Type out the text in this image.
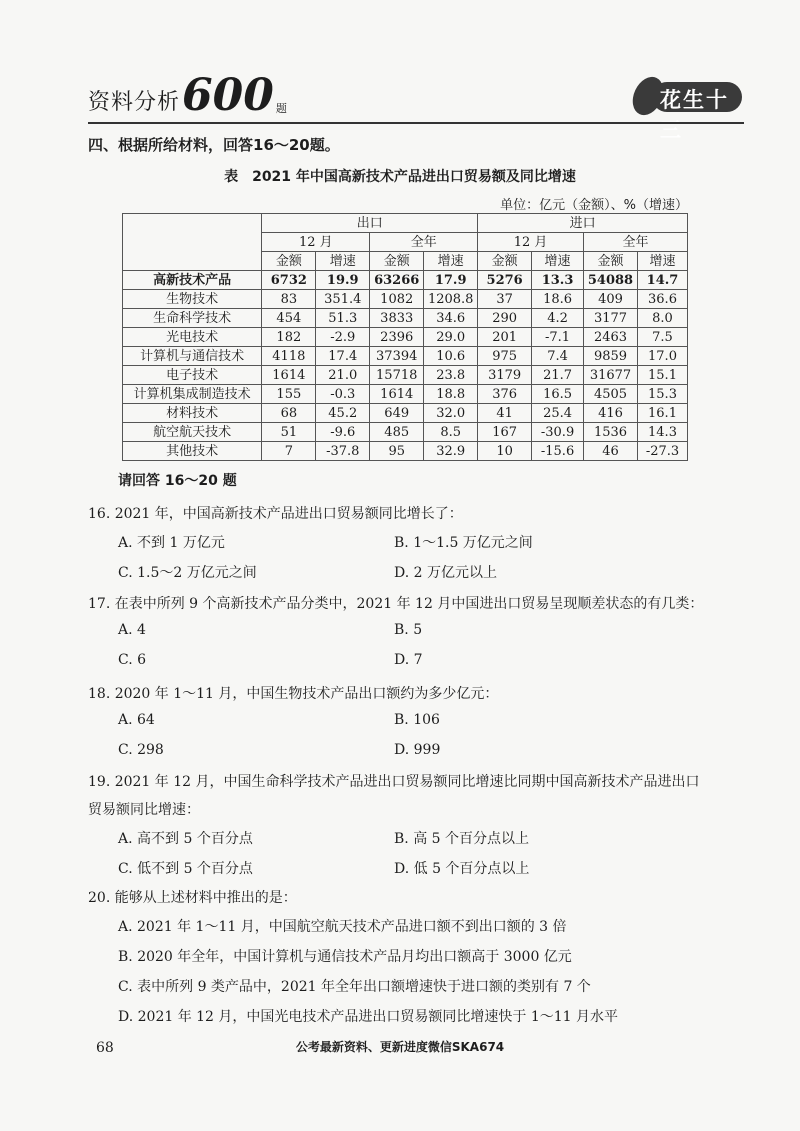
资料分析 600 题	花生十三
四、根据所给材料，回答16～20题。
表　2021 年中国高新技术产品进出口贸易额及同比增速
单位：亿元（金额）、%（增速）
	出口				进口			
	12 月		全年		12 月		全年	
	金额	增速	金额	增速	金额	增速	金额	增速
高新技术产品	6732	19.9	63266	17.9	5276	13.3	54088	14.7
生物技术	83	351.4	1082	1208.8	37	18.6	409	36.6
生命科学技术	454	51.3	3833	34.6	290	4.2	3177	8.0
光电技术	182	-2.9	2396	29.0	201	-7.1	2463	7.5
计算机与通信技术	4118	17.4	37394	10.6	975	7.4	9859	17.0
电子技术	1614	21.0	15718	23.8	3179	21.7	31677	15.1
计算机集成制造技术	155	-0.3	1614	18.8	376	16.5	4505	15.3
材料技术	68	45.2	649	32.0	41	25.4	416	16.1
航空航天技术	51	-9.6	485	8.5	167	-30.9	1536	14.3
其他技术	7	-37.8	95	32.9	10	-15.6	46	-27.3
请回答 16～20 题
16. 2021 年，中国高新技术产品进出口贸易额同比增长了：
A. 不到 1 万亿元	B. 1～1.5 万亿元之间
C. 1.5～2 万亿元之间	D. 2 万亿元以上
17. 在表中所列 9 个高新技术产品分类中，2021 年 12 月中国进出口贸易呈现顺差状态的有几类：
A. 4	B. 5
C. 6	D. 7
18. 2020 年 1～11 月，中国生物技术产品出口额约为多少亿元：
A. 64	B. 106
C. 298	D. 999
19. 2021 年 12 月，中国生命科学技术产品进出口贸易额同比增速比同期中国高新技术产品进出口贸易额同比增速：
A. 高不到 5 个百分点	B. 高 5 个百分点以上
C. 低不到 5 个百分点	D. 低 5 个百分点以上
20. 能够从上述材料中推出的是：
A. 2021 年 1～11 月，中国航空航天技术产品进口额不到出口额的 3 倍
B. 2020 年全年，中国计算机与通信技术产品月均出口额高于 3000 亿元
C. 表中所列 9 类产品中，2021 年全年出口额增速快于进口额的类别有 7 个
D. 2021 年 12 月，中国光电技术产品进出口贸易额同比增速快于 1～11 月水平
68	公考最新资料、更新进度微信SKA674
